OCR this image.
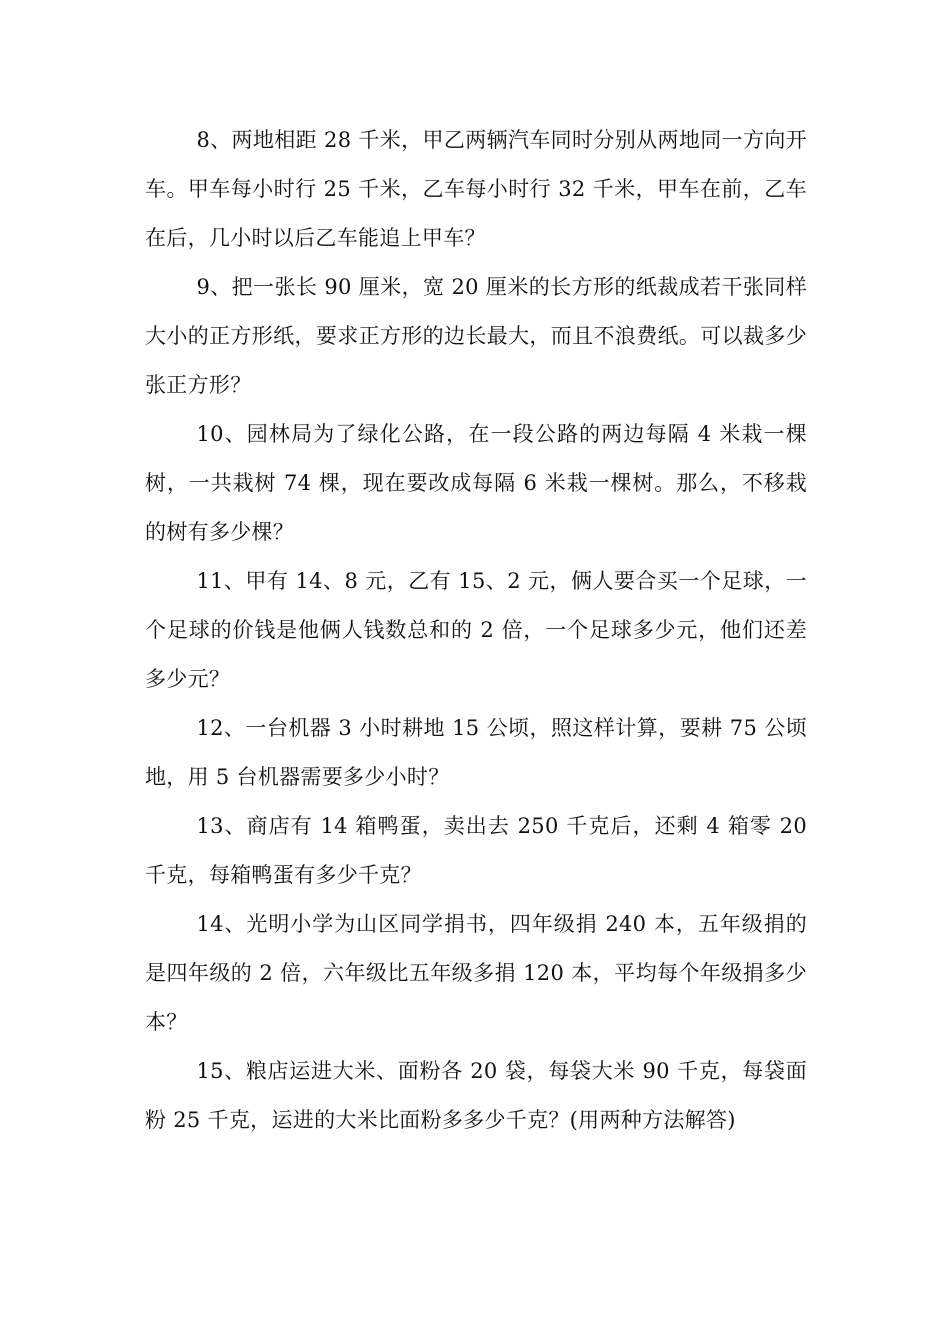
8、两地相距 28 千米，甲乙两辆汽车同时分别从两地同一方向开车。甲车每小时行 25 千米，乙车每小时行 32 千米，甲车在前，乙车在后，几小时以后乙车能追上甲车？

9、把一张长 90 厘米，宽 20 厘米的长方形的纸裁成若干张同样大小的正方形纸，要求正方形的边长最大，而且不浪费纸。可以裁多少张正方形？

10、园林局为了绿化公路，在一段公路的两边每隔 4 米栽一棵树，一共栽树 74 棵，现在要改成每隔 6 米栽一棵树。那么，不移栽的树有多少棵？

11、甲有 14、8 元，乙有 15、2 元，俩人要合买一个足球，一个足球的价钱是他俩人钱数总和的 2 倍，一个足球多少元，他们还差多少元？

12、一台机器 3 小时耕地 15 公顷，照这样计算，要耕 75 公顷地，用 5 台机器需要多少小时？

13、商店有 14 箱鸭蛋，卖出去 250 千克后，还剩 4 箱零 20 千克，每箱鸭蛋有多少千克？

14、光明小学为山区同学捐书，四年级捐 240 本，五年级捐的是四年级的 2 倍，六年级比五年级多捐 120 本，平均每个年级捐多少本？

15、粮店运进大米、面粉各 20 袋，每袋大米 90 千克，每袋面粉 25 千克，运进的大米比面粉多多少千克？(用两种方法解答)
